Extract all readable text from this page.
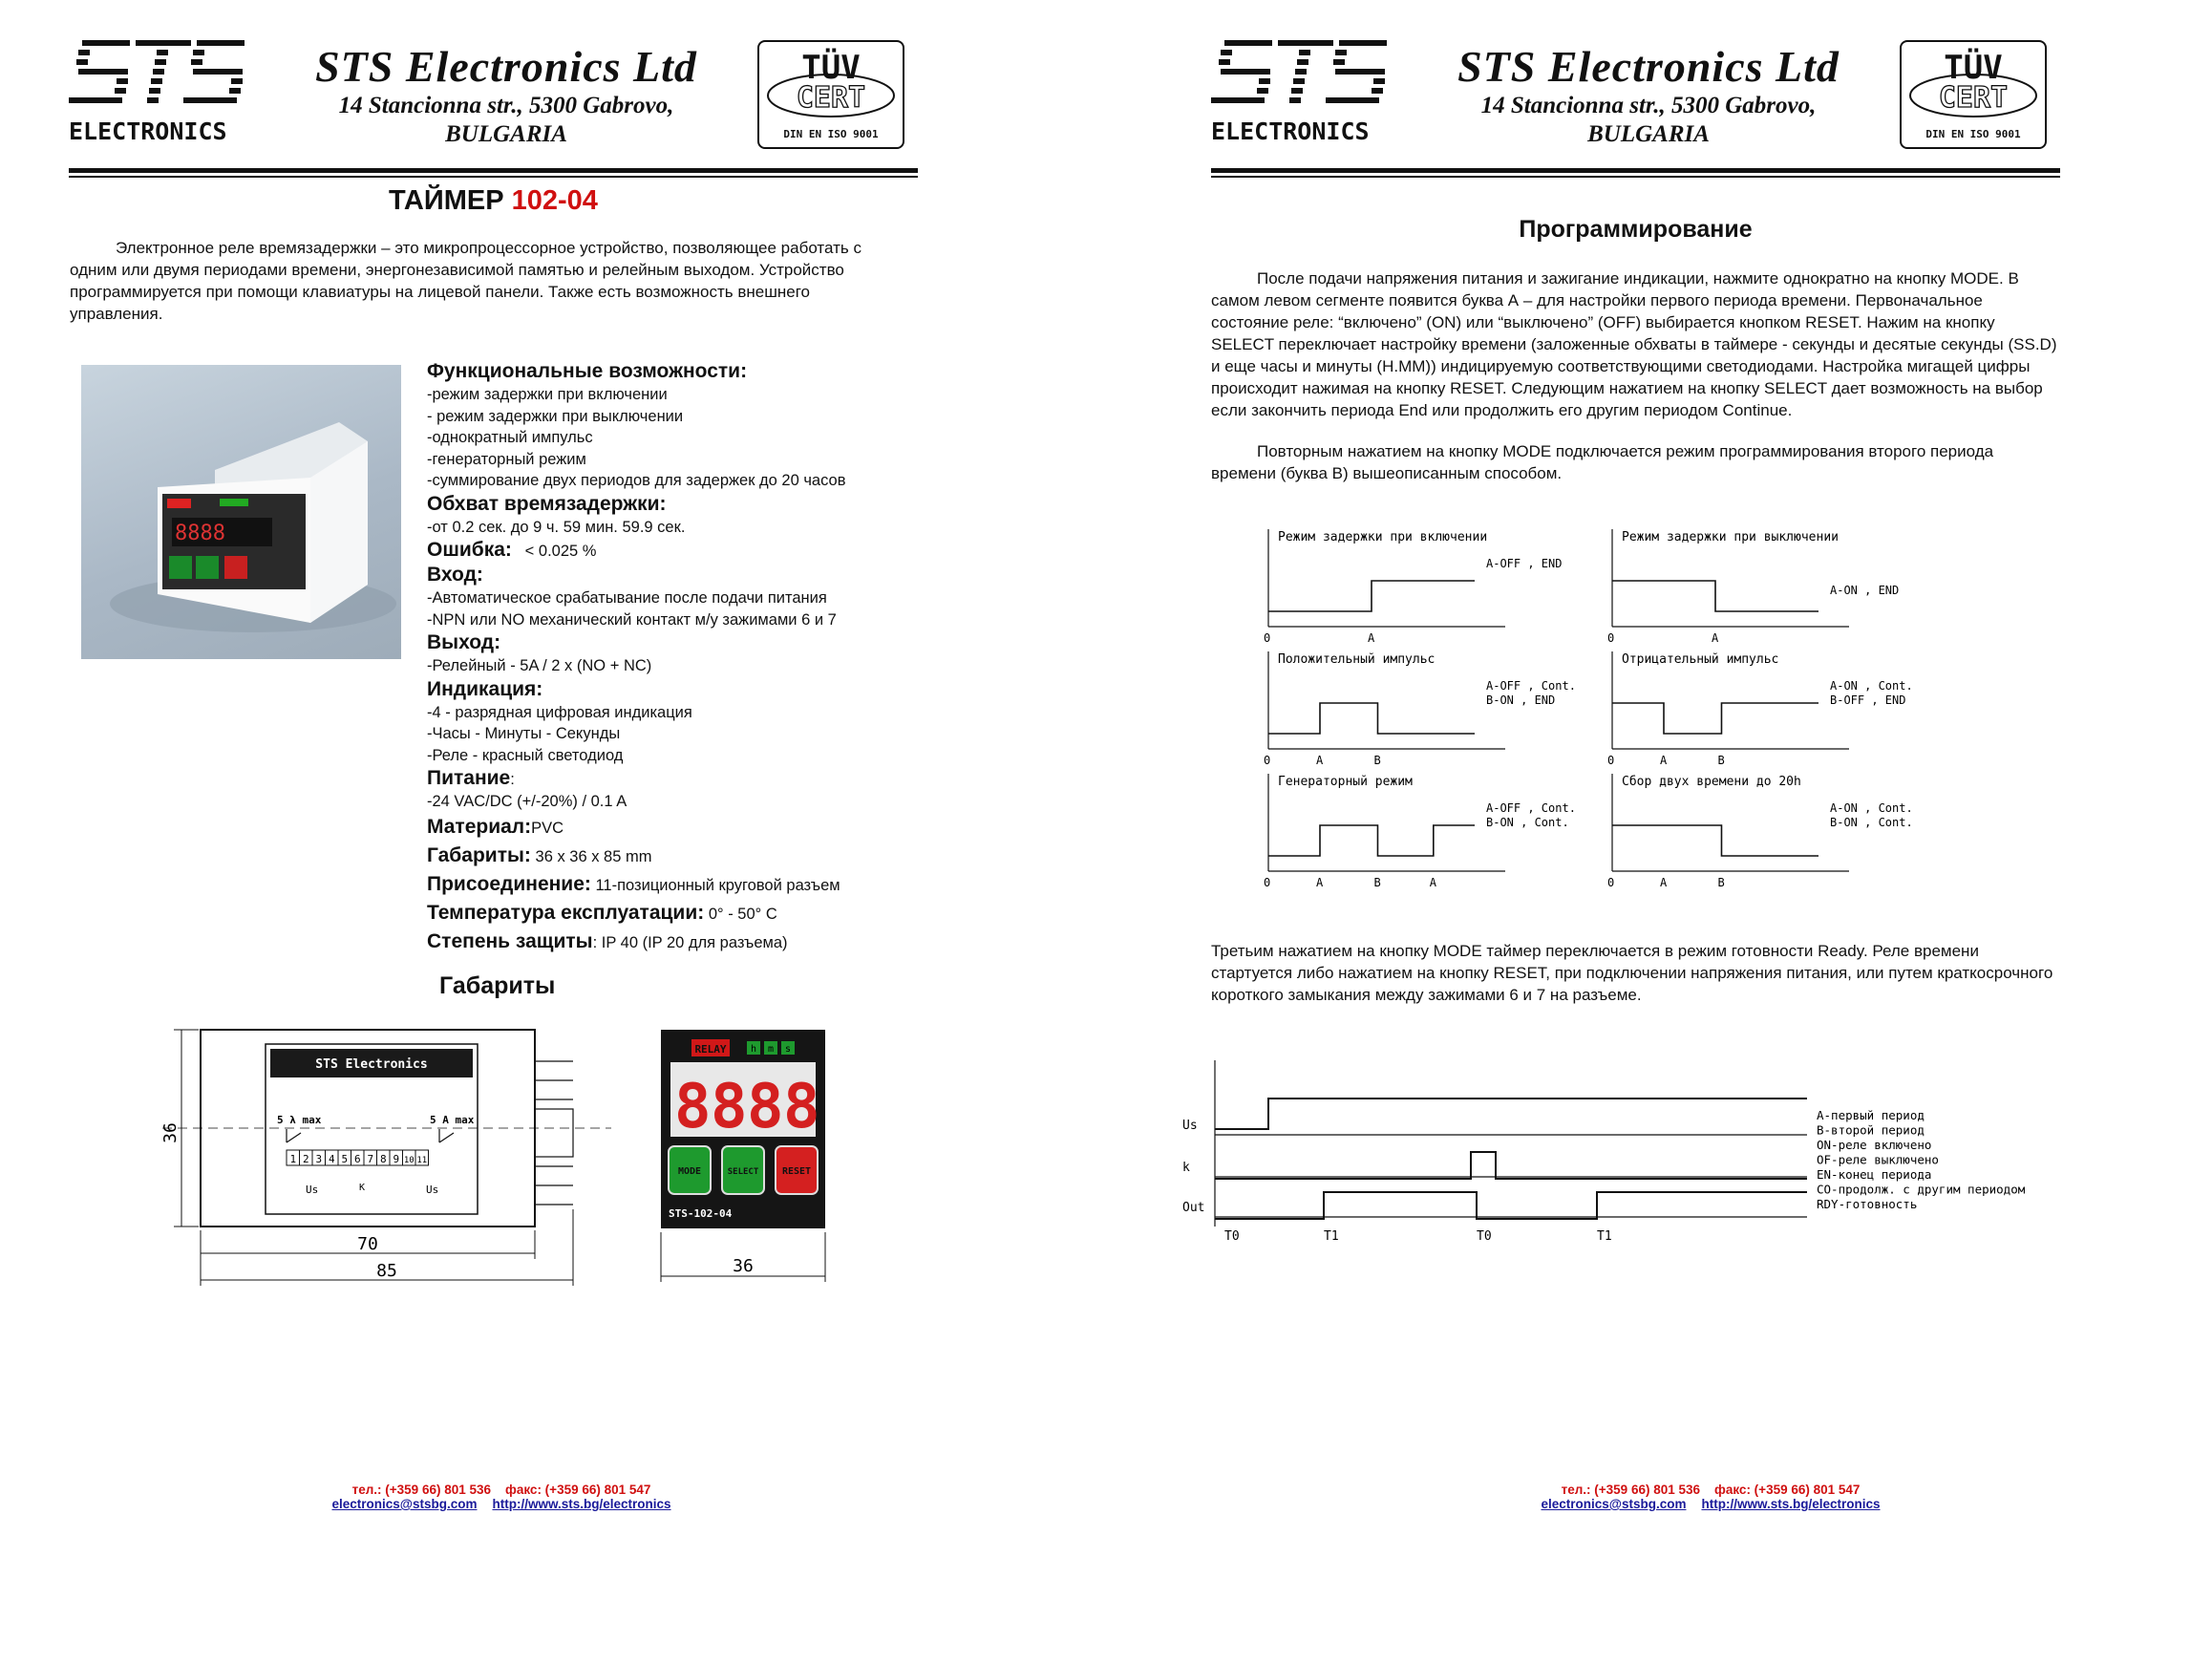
ELECTRONICS
STS Electronics Ltd
14 Stancionna str., 5300 Gabrovo, BULGARIA
TÜV
CERT
DIN EN ISO 9001
ТАЙМЕР 102-04
Электронное реле времязадержки – это микропроцессорное устройство, позволяющее работать с одним или двумя периодами времени, энергонезависимой памятью и релейным выходом. Устройство программируется при помощи клавиатуры на лицевой панели. Также есть возможность внешнего управления.
8888
Функциональные возможности:
-режим задержки при включении
- режим задержки при выключении
-однократный импульс
-генераторный режим
-суммирование двух периодов для задержек до 20 часов
Обхват времязадержки:
-от 0.2 сек. до 9 ч. 59 мин. 59.9 сек.
Ошибка: < 0.025 %
Вход:
-Автоматическое срабатывание после подачи питания
-NPN или NO механический контакт м/у зажимами 6 и 7
Выход:
-Релейный - 5A / 2 x (NO + NC)
Индикация:
-4 - разрядная цифровая индикация
-Часы - Минуты - Секунды
-Реле - красный светодиод
Питание:
-24 VAC/DC (+/-20%) / 0.1 A
Материал:PVC
Габариты: 36 x 36 x 85 mm
Присоединение: 11-позиционный круговой разъем
Температура експлуатации: 0° - 50° C
Степень защиты: IP 40 (IP 20 для разъема)
Габариты
STS Electronics
5 λ max	5 A max
1 2 3 4 5 6 7 8 9 10 11
Us	K	Us
36
70
85
RELAY	h m s
8 8 8 8
MODE	SELECT RESET
STS-102-04
36
тел.: (+359 66) 801 536 факс: (+359 66) 801 547
electronics@stsbg.com http://www.sts.bg/electronics
ELECTRONICS
STS Electronics Ltd
14 Stancionna str., 5300 Gabrovo, BULGARIA
TÜV
CERT
DIN EN ISO 9001
Программирование
После подачи напряжения питания и зажигание индикации, нажмите однократно на кнопку MODE. В самом левом сегменте появится буква А – для настройки первого периода времени. Первоначальное состояние реле: “включено” (ON) или “выключено” (OFF) выбирается кнопком RESET. Нажим на кнопку SELECT переключает настройку времени (заложенные обхваты в таймере - секунды и десятые секунды (SS.D) и еще часы и минуты (H.MM)) индицируемую соответствующими светодиодами. Настройка мигащей цифры происходит нажимая на кнопку RESET. Следующим нажатием на кнопку SELECT дает возможность на выбор если закончить периода End или продолжить его другим периодом Continue.
Повторным нажатием на кнопку MODE подключается режим программирования второго периода времени (буква В) вышеописанным способом.
Режим задержки при включении
A-OFF , END
0	A
Режим задержки при выключении
A-ON , END
0	A
Положительный импульс
A-OFF , Cont.
B-ON , END
0	A	B
Отрицательный импульс
A-ON , Cont.
B-OFF , END
0	A	B
Генераторный режим
A-OFF , Cont.
B-ON , Cont.
0	A	B	A
Сбор двух времени до 20h
A-ON , Cont.
B-ON , Cont.
0	A	B
Третьим нажатием на кнопку MODE таймер переключается в режим готовности Ready. Реле времени стартуется либо нажатием на кнопку RESET, при подключении напряжения питания, или путем краткосрочного короткого замыкания между зажимами 6 и 7 на разъеме.
Us
k
Out
T0	T1	T0	T1
A-первый период
B-второй период
ON-реле включено
OF-реле выключено
EN-конец периода
CO-продолж. с другим периодом
RDY-готовность
тел.: (+359 66) 801 536 факс: (+359 66) 801 547
electronics@stsbg.com http://www.sts.bg/electronics
